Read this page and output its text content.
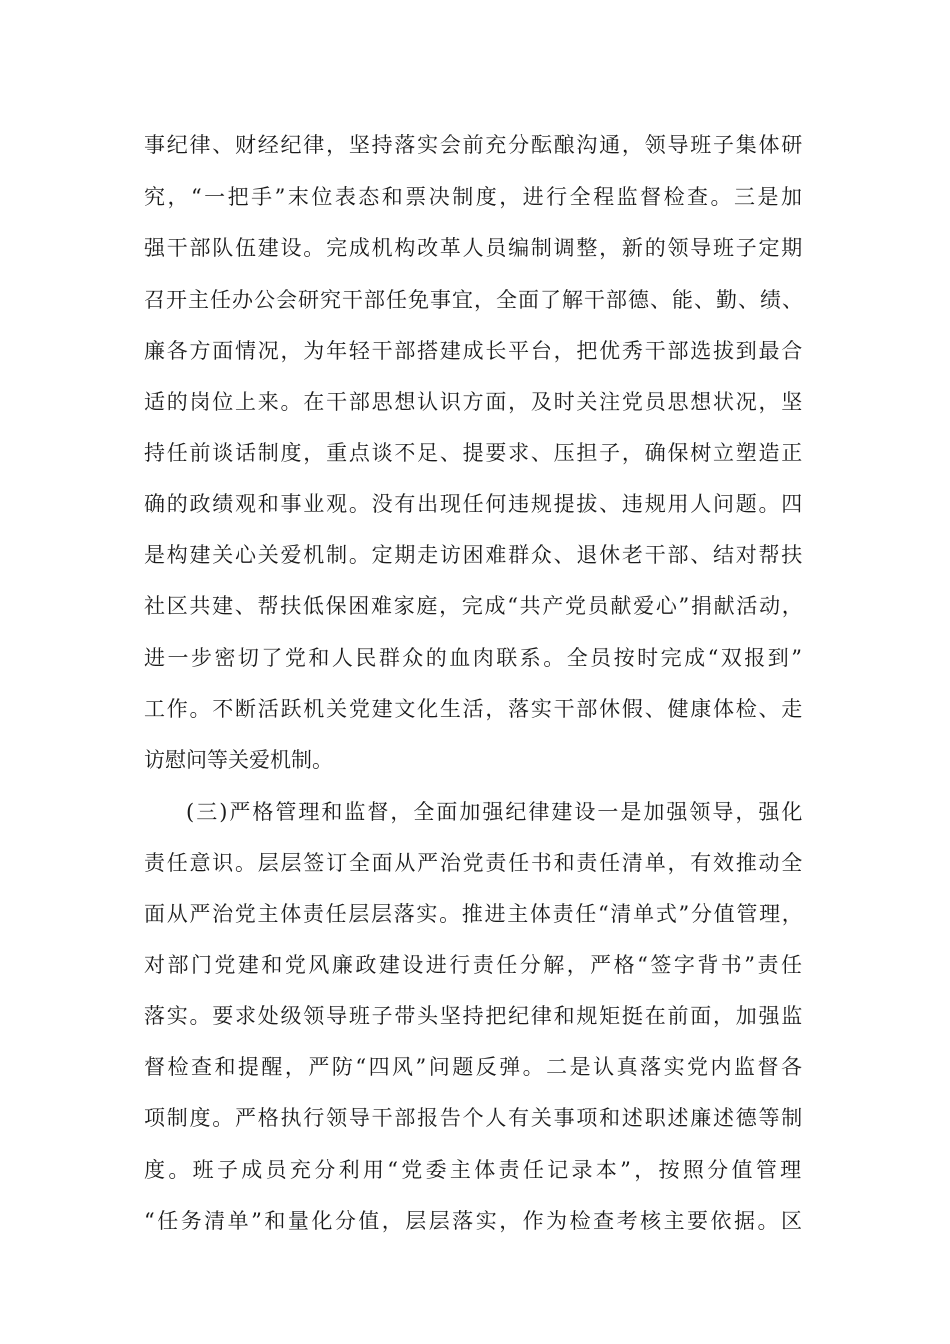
事纪律、财经纪律，坚持落实会前充分酝酿沟通，领导班子集体研
究，“一把手”末位表态和票决制度，进行全程监督检查。三是加
强干部队伍建设。完成机构改革人员编制调整，新的领导班子定期
召开主任办公会研究干部任免事宜，全面了解干部德、能、勤、绩、
廉各方面情况，为年轻干部搭建成长平台，把优秀干部选拔到最合
适的岗位上来。在干部思想认识方面，及时关注党员思想状况，坚
持任前谈话制度，重点谈不足、提要求、压担子，确保树立塑造正
确的政绩观和事业观。没有出现任何违规提拔、违规用人问题。四
是构建关心关爱机制。定期走访困难群众、退休老干部、结对帮扶
社区共建、帮扶低保困难家庭，完成“共产党员献爱心”捐献活动，
进一步密切了党和人民群众的血肉联系。全员按时完成“双报到”
工作。不断活跃机关党建文化生活，落实干部休假、健康体检、走
访慰问等关爱机制。
(三)严格管理和监督，全面加强纪律建设一是加强领导，强化
责任意识。层层签订全面从严治党责任书和责任清单，有效推动全
面从严治党主体责任层层落实。推进主体责任“清单式”分值管理，
对部门党建和党风廉政建设进行责任分解，严格“签字背书”责任
落实。要求处级领导班子带头坚持把纪律和规矩挺在前面，加强监
督检查和提醒，严防“四风”问题反弹。二是认真落实党内监督各
项制度。严格执行领导干部报告个人有关事项和述职述廉述德等制
度。班子成员充分利用“党委主体责任记录本”，按照分值管理
“任务清单”和量化分值，层层落实，作为检查考核主要依据。区
